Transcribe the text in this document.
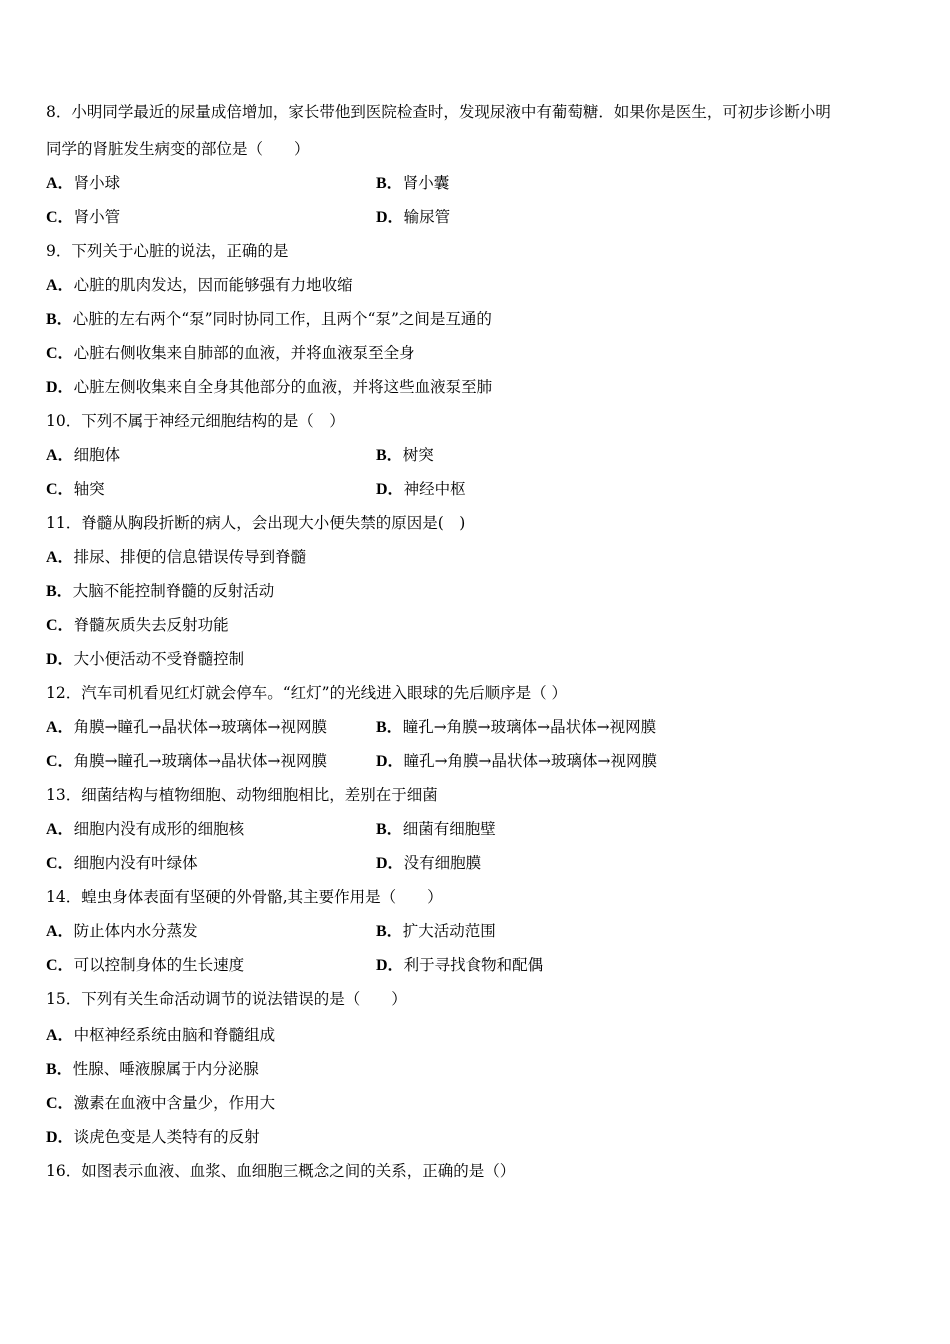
8．小明同学最近的尿量成倍增加，家长带他到医院检查时，发现尿液中有葡萄糖．如果你是医生，可初步诊断小明
同学的肾脏发生病变的部位是（　　）
A．肾小球	B．肾小囊
C．肾小管	D．输尿管
9．下列关于心脏的说法，正确的是
A．心脏的肌肉发达，因而能够强有力地收缩
B．心脏的左右两个“泵”同时协同工作，且两个“泵”之间是互通的
C．心脏右侧收集来自肺部的血液，并将血液泵至全身
D．心脏左侧收集来自全身其他部分的血液，并将这些血液泵至肺
10．下列不属于神经元细胞结构的是（　）
A．细胞体	B．树突
C．轴突	D．神经中枢
11．脊髓从胸段折断的病人，会出现大小便失禁的原因是(　)
A．排尿、排便的信息错误传导到脊髓
B．大脑不能控制脊髓的反射活动
C．脊髓灰质失去反射功能
D．大小便活动不受脊髓控制
12．汽车司机看见红灯就会停车。“红灯”的光线进入眼球的先后顺序是（ ）
A．角膜→瞳孔→晶状体→玻璃体→视网膜	B．瞳孔→角膜→玻璃体→晶状体→视网膜
C．角膜→瞳孔→玻璃体→晶状体→视网膜	D．瞳孔→角膜→晶状体→玻璃体→视网膜
13．细菌结构与植物细胞、动物细胞相比，差别在于细菌
A．细胞内没有成形的细胞核	B．细菌有细胞壁
C．细胞内没有叶绿体	D．没有细胞膜
14．蝗虫身体表面有坚硬的外骨骼,其主要作用是（　　）
A．防止体内水分蒸发	B．扩大活动范围
C．可以控制身体的生长速度	D．利于寻找食物和配偶
15．下列有关生命活动调节的说法错误的是（　　）
A．中枢神经系统由脑和脊髓组成
B．性腺、唾液腺属于内分泌腺
C．激素在血液中含量少，作用大
D．谈虎色变是人类特有的反射
16．如图表示血液、血浆、血细胞三概念之间的关系，正确的是（）
